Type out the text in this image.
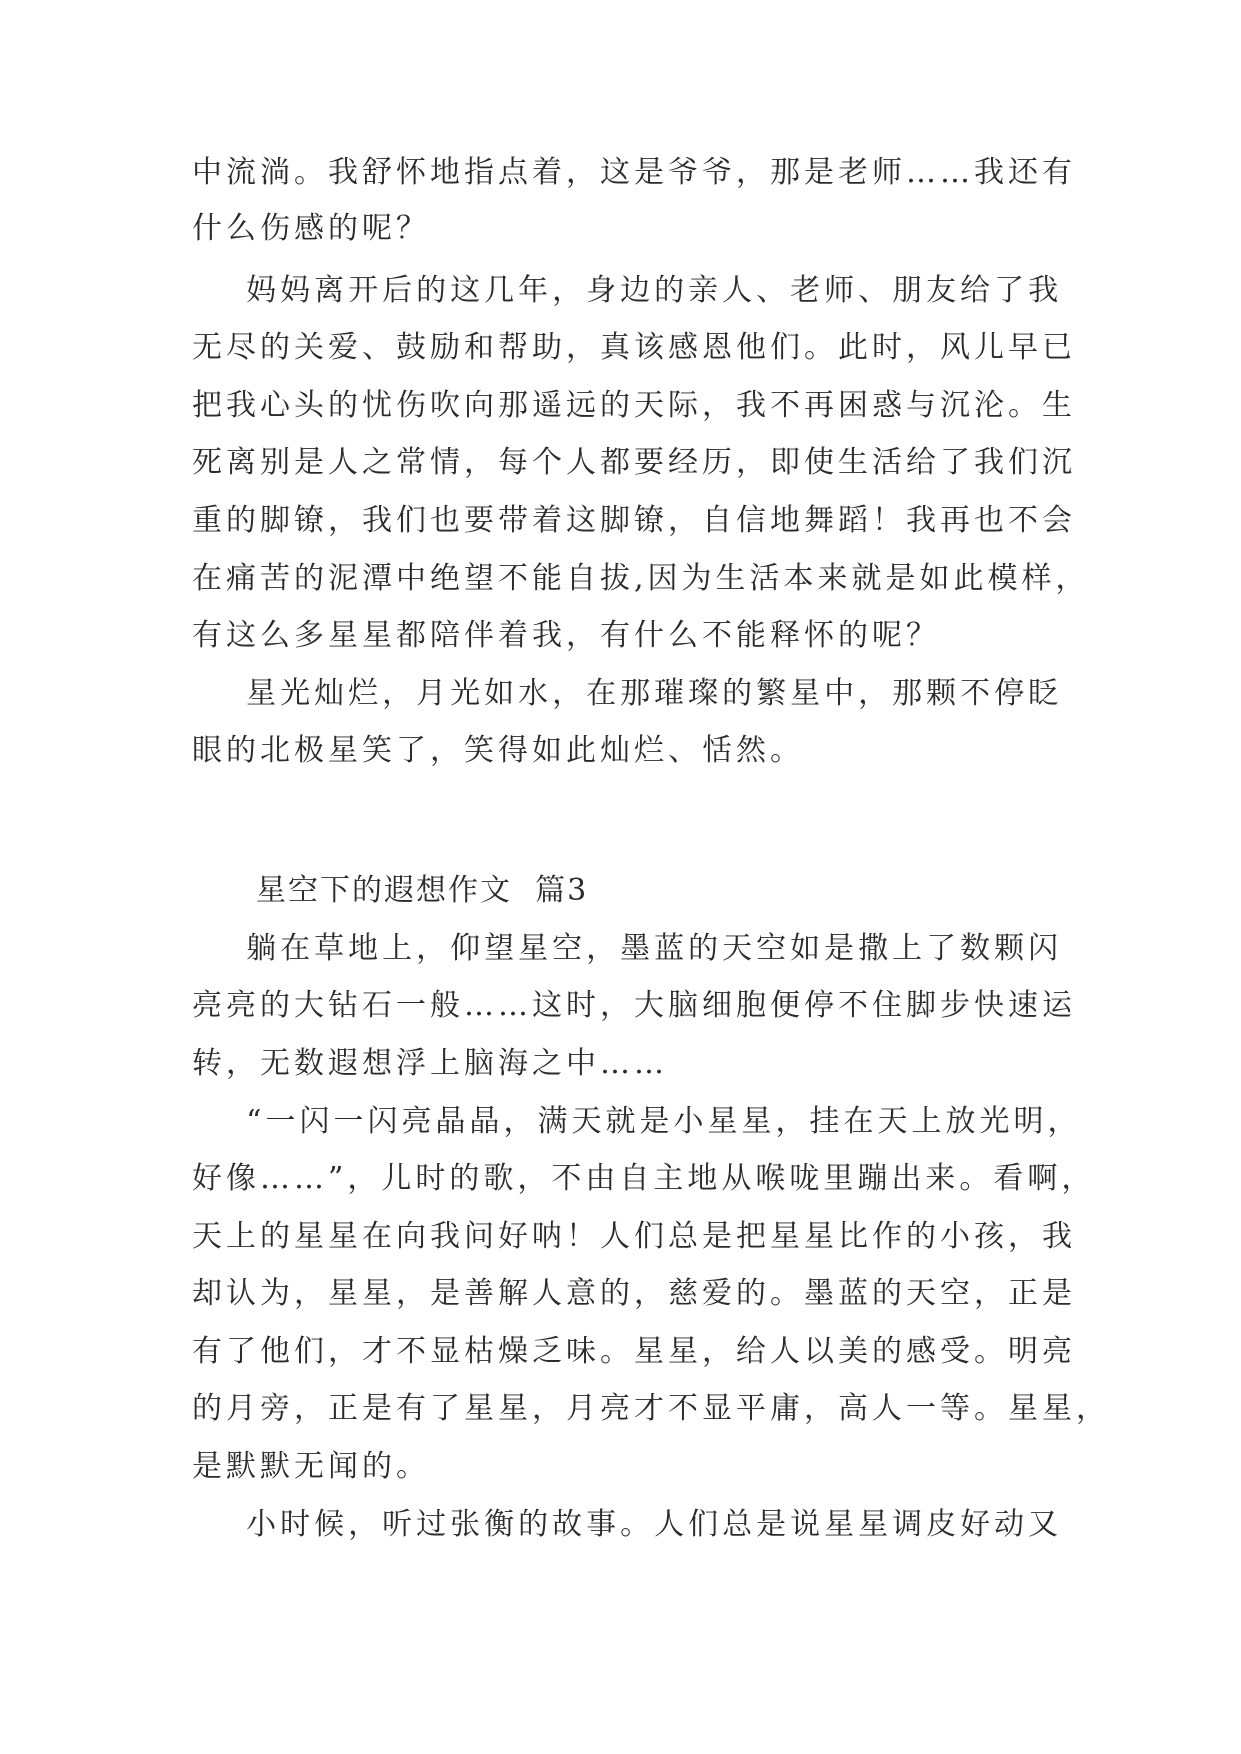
中流淌。我舒怀地指点着，这是爷爷，那是老师……我还有

什么伤感的呢？

妈妈离开后的这几年，身边的亲人、老师、朋友给了我

无尽的关爱、鼓励和帮助，真该感恩他们。此时，风儿早已

把我心头的忧伤吹向那遥远的天际，我不再困惑与沉沦。生

死离别是人之常情，每个人都要经历，即使生活给了我们沉

重的脚镣，我们也要带着这脚镣，自信地舞蹈！我再也不会

在痛苦的泥潭中绝望不能自拔,因为生活本来就是如此模样，

有这么多星星都陪伴着我，有什么不能释怀的呢？

星光灿烂，月光如水，在那璀璨的繁星中，那颗不停眨

眼的北极星笑了，笑得如此灿烂、恬然。

星空下的遐想作文  篇3

躺在草地上，仰望星空，墨蓝的天空如是撒上了数颗闪

亮亮的大钻石一般……这时，大脑细胞便停不住脚步快速运

转，无数遐想浮上脑海之中……

“一闪一闪亮晶晶，满天就是小星星，挂在天上放光明，

好像……”，儿时的歌，不由自主地从喉咙里蹦出来。看啊，

天上的星星在向我问好呐！人们总是把星星比作的小孩，我

却认为，星星，是善解人意的，慈爱的。墨蓝的天空，正是

有了他们，才不显枯燥乏味。星星，给人以美的感受。明亮

的月旁，正是有了星星，月亮才不显平庸，高人一等。星星，

是默默无闻的。

小时候，听过张衡的故事。人们总是说星星调皮好动又
